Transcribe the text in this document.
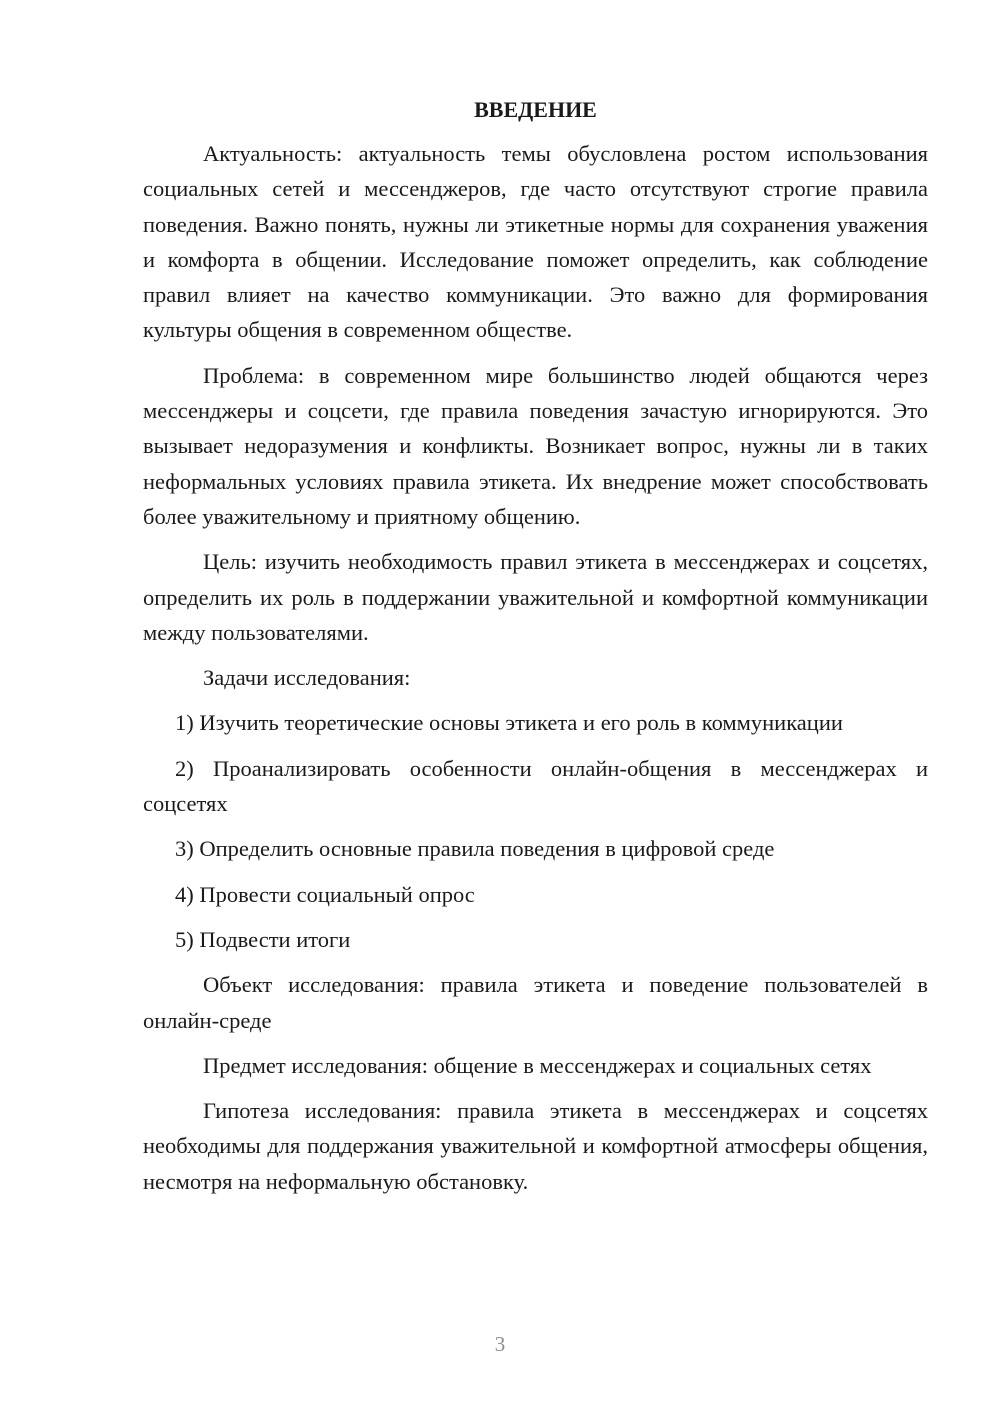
ВВЕДЕНИЕ

Актуальность: актуальность темы обусловлена ростом использования социальных сетей и мессенджеров, где часто отсутствуют строгие правила поведения. Важно понять, нужны ли этикетные нормы для сохранения уважения и комфорта в общении. Исследование поможет определить, как соблюдение правил влияет на качество коммуникации. Это важно для формирования культуры общения в современном обществе.

Проблема: в современном мире большинство людей общаются через мессенджеры и соцсети, где правила поведения зачастую игнорируются. Это вызывает недоразумения и конфликты. Возникает вопрос, нужны ли в таких неформальных условиях правила этикета. Их внедрение может способствовать более уважительному и приятному общению.

Цель: изучить необходимость правил этикета в мессенджерах и соцсетях, определить их роль в поддержании уважительной и комфортной коммуникации между пользователями.

Задачи исследования:

1) Изучить теоретические основы этикета и его роль в коммуникации

2) Проанализировать особенности онлайн-общения в мессенджерах и соцсетях

3) Определить основные правила поведения в цифровой среде

4) Провести социальный опрос

5) Подвести итоги

Объект исследования: правила этикета и поведение пользователей в онлайн-среде

Предмет исследования: общение в мессенджерах и социальных сетях

Гипотеза исследования: правила этикета в мессенджерах и соцсетях необходимы для поддержания уважительной и комфортной атмосферы общения, несмотря на неформальную обстановку.

3
